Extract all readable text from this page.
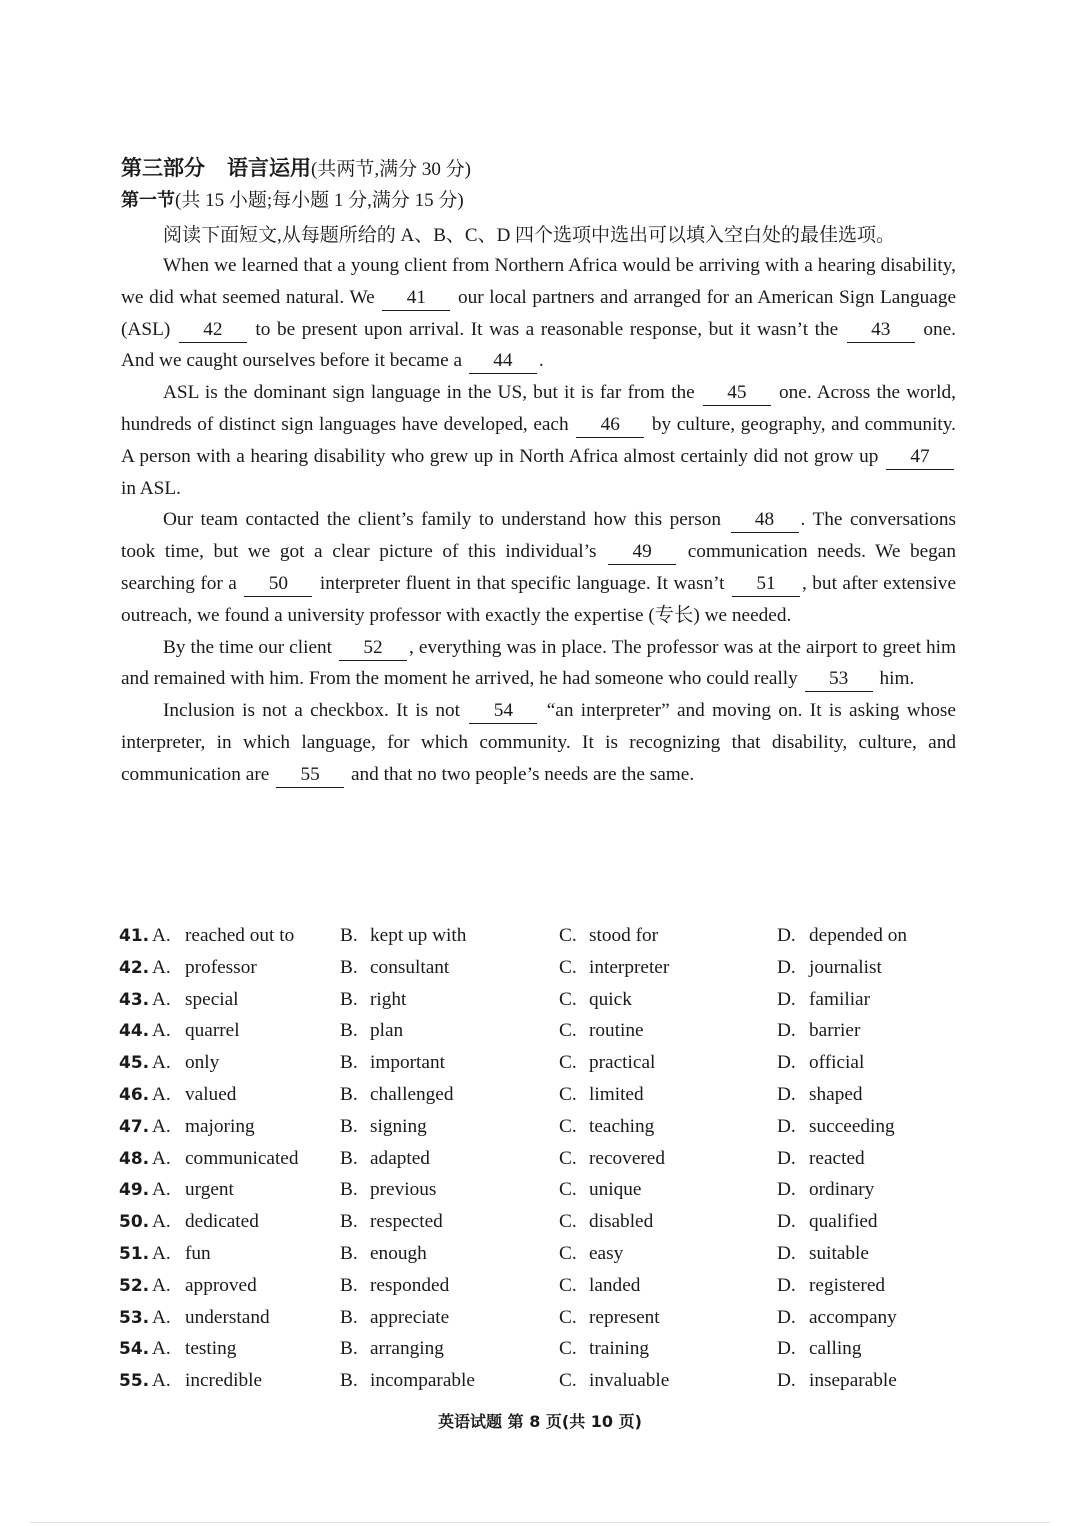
第三部分 语言运用(共两节,满分 30 分)
第一节(共 15 小题;每小题 1 分,满分 15 分)
阅读下面短文,从每题所给的 A、B、C、D 四个选项中选出可以填入空白处的最佳选项。

When we learned that a young client from Northern Africa would be arriving with a hearing disability, we did what seemed natural. We 41 our local partners and arranged for an American Sign Language (ASL) 42 to be present upon arrival. It was a reasonable response, but it wasn’t the 43 one. And we caught ourselves before it became a 44 .

ASL is the dominant sign language in the US, but it is far from the 45 one. Across the world, hundreds of distinct sign languages have developed, each 46 by culture, geography, and community. A person with a hearing disability who grew up in North Africa almost certainly did not grow up 47 in ASL.

Our team contacted the client’s family to understand how this person 48 . The conversations took time, but we got a clear picture of this individual’s 49 communication needs. We began searching for a 50 interpreter fluent in that specific language. It wasn’t 51 , but after extensive outreach, we found a university professor with exactly the expertise (专长) we needed.

By the time our client 52 , everything was in place. The professor was at the airport to greet him and remained with him. From the moment he arrived, he had someone who could really 53 him.

Inclusion is not a checkbox. It is not 54 “an interpreter” and moving on. It is asking whose interpreter, in which language, for which community. It is recognizing that disability, culture, and communication are 55 and that no two people’s needs are the same.

41. A. reached out to B. kept up with	C. stood for	D. depended on
42. A. professor	B. consultant	C. interpreter	D. journalist
43. A. special	B. right	C. quick	D. familiar
44. A. quarrel	B. plan	C. routine	D. barrier
45. A. only	B. important	C. practical	D. official
46. A. valued	B. challenged	C. limited	D. shaped
47. A. majoring	B. signing	C. teaching	D. succeeding
48. A. communicated B. adapted	C. recovered	D. reacted
49. A. urgent	B. previous	C. unique	D. ordinary
50. A. dedicated	B. respected	C. disabled	D. qualified
51. A. fun	B. enough	C. easy	D. suitable
52. A. approved	B. responded	C. landed	D. registered
53. A. understand	B. appreciate	C. represent	D. accompany
54. A. testing	B. arranging	C. training	D. calling
55. A. incredible	B. incomparable	C. invaluable	D. inseparable
英语试题 第 8 页(共 10 页)
